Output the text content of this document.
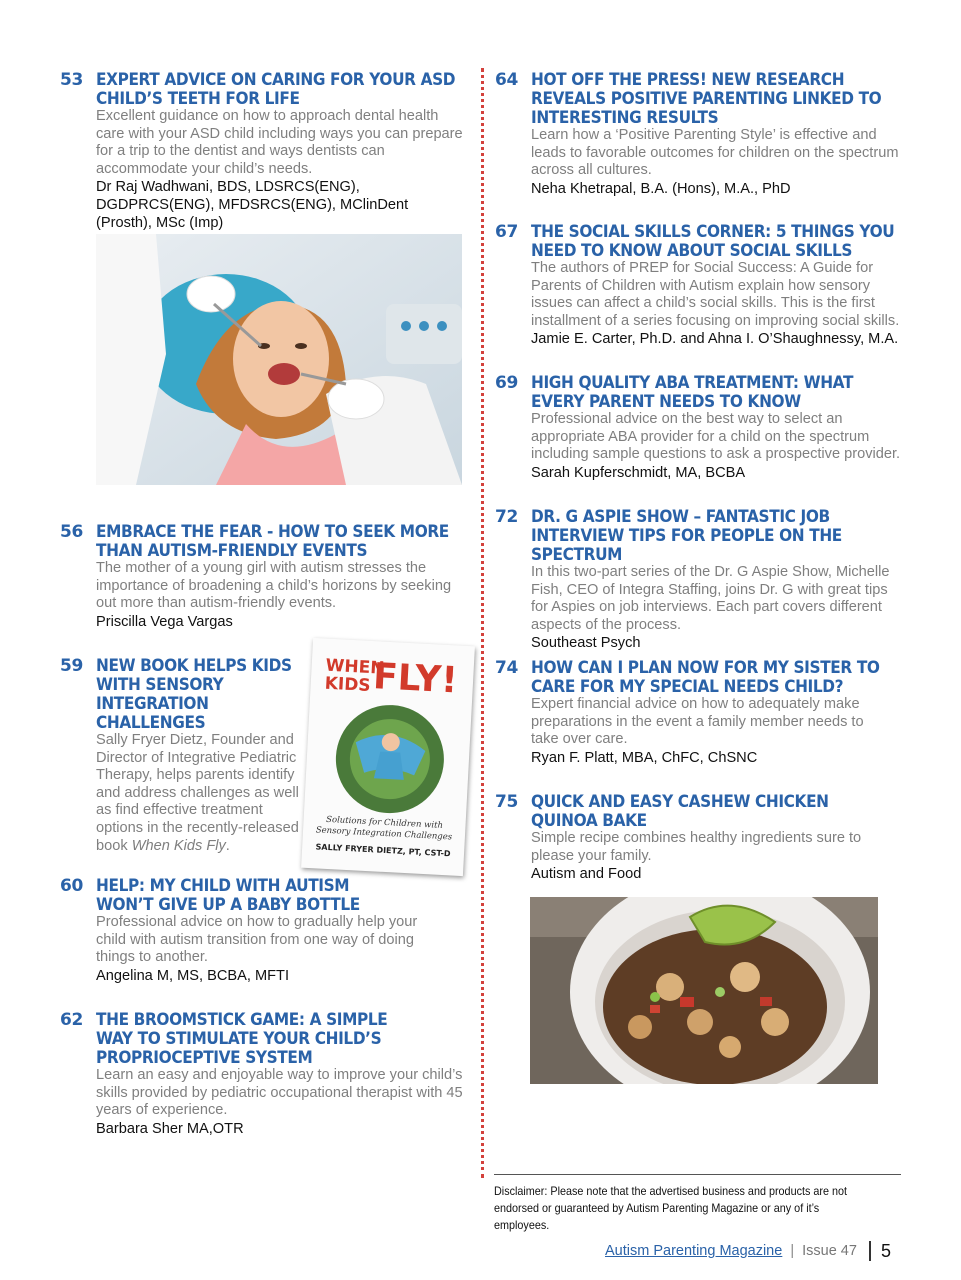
53 EXPERT ADVICE ON CARING FOR YOUR ASD CHILD’S TEETH FOR LIFE
Excellent guidance on how to approach dental health care with your ASD child including ways you can prepare for a trip to the dentist and ways dentists can accommodate your child’s needs.
Dr Raj Wadhwani, BDS, LDSRCS(ENG), DGDPRCS(ENG), MFDSRCS(ENG), MClinDent (Prosth), MSc (Imp)
56 EMBRACE THE FEAR - HOW TO SEEK MORE THAN AUTISM-FRIENDLY EVENTS
The mother of a young girl with autism stresses the importance of broadening a child’s horizons by seeking out more than autism-friendly events.
Priscilla Vega Vargas
59 NEW BOOK HELPS KIDS WITH SENSORY INTEGRATION CHALLENGES
Sally Fryer Dietz, Founder and Director of Integrative Pediatric Therapy, helps parents identify and address challenges as well as find effective treatment options in the recently-released book When Kids Fly.
WHEN
KIDS FLY!
Solutions for Children with Sensory Integration Challenges
SALLY FRYER DIETZ, PT, CST-D
60 HELP: MY CHILD WITH AUTISM WON’T GIVE UP A BABY BOTTLE
Professional advice on how to gradually help your child with autism transition from one way of doing things to another.
Angelina M, MS, BCBA, MFTI
62 THE BROOMSTICK GAME: A SIMPLE WAY TO STIMULATE YOUR CHILD’S PROPRIOCEPTIVE SYSTEM
Learn an easy and enjoyable way to improve your child’s skills provided by pediatric occupational therapist with 45 years of experience.
Barbara Sher MA,OTR
64 HOT OFF THE PRESS! NEW RESEARCH REVEALS POSITIVE PARENTING LINKED TO INTERESTING RESULTS
Learn how a ‘Positive Parenting Style’ is effective and leads to favorable outcomes for children on the spectrum across all cultures.
Neha Khetrapal, B.A. (Hons), M.A., PhD
67 THE SOCIAL SKILLS CORNER: 5 THINGS YOU NEED TO KNOW ABOUT SOCIAL SKILLS
The authors of PREP for Social Success: A Guide for Parents of Children with Autism explain how sensory issues can affect a child’s social skills. This is the first installment of a series focusing on improving social skills.
Jamie E. Carter, Ph.D. and Ahna I. O’Shaughnessy, M.A.
69 HIGH QUALITY ABA TREATMENT: WHAT EVERY PARENT NEEDS TO KNOW
Professional advice on the best way to select an appropriate ABA provider for a child on the spectrum including sample questions to ask a prospective provider.
Sarah Kupferschmidt, MA, BCBA
72 DR. G ASPIE SHOW – FANTASTIC JOB INTERVIEW TIPS FOR PEOPLE ON THE SPECTRUM
In this two-part series of the Dr. G Aspie Show, Michelle Fish, CEO of Integra Staffing, joins Dr. G with great tips for Aspies on job interviews. Each part covers different aspects of the process.
Southeast Psych
74 HOW CAN I PLAN NOW FOR MY SISTER TO CARE FOR MY SPECIAL NEEDS CHILD?
Expert financial advice on how to adequately make preparations in the event a family member needs to take over care.
Ryan F. Platt, MBA, ChFC, ChSNC
75 QUICK AND EASY CASHEW CHICKEN QUINOA BAKE
Simple recipe combines healthy ingredients sure to please your family.
Autism and Food
Disclaimer: Please note that the advertised business and products are not endorsed or guaranteed by Autism Parenting Magazine or any of it’s employees.
Autism Parenting Magazine | Issue 47 5
